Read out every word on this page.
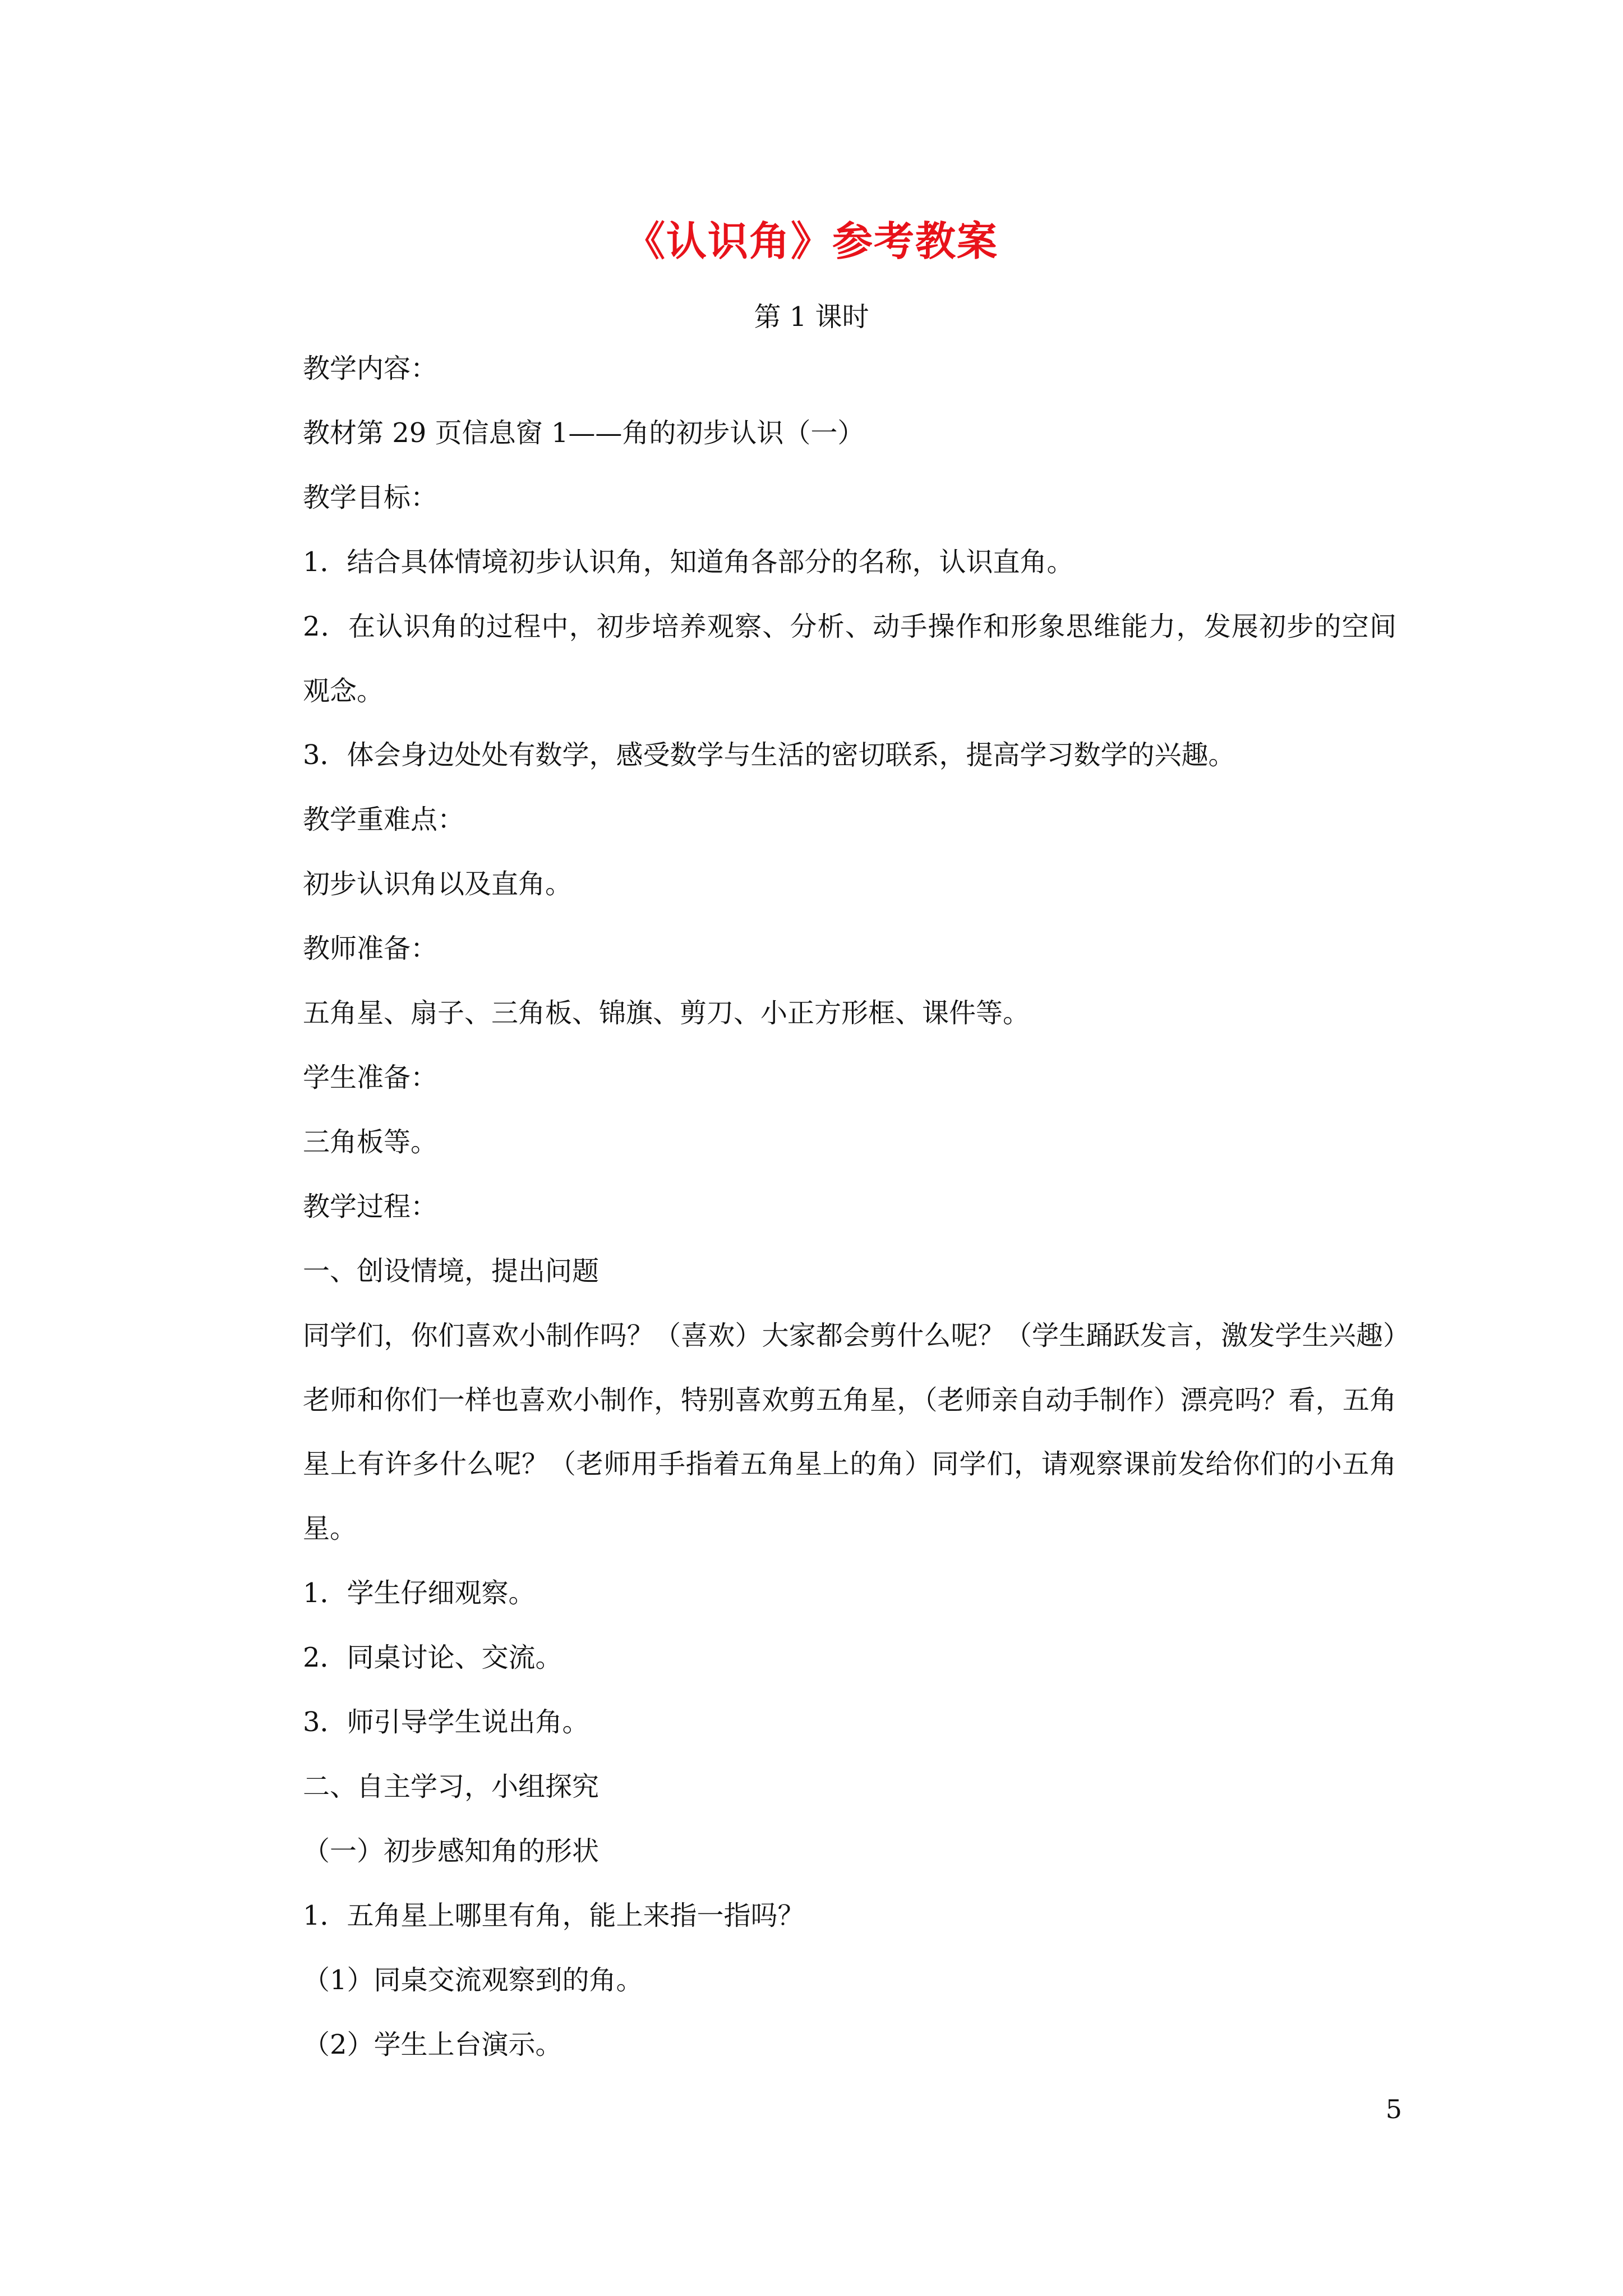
《认识角》参考教案
第 1 课时

教学内容：

教材第 29 页信息窗 1——角的初步认识（一）

教学目标：

1．结合具体情境初步认识角，知道角各部分的名称，认识直角。

2．在认识角的过程中，初步培养观察、分析、动手操作和形象思维能力，发展初步的空间观念。

3．体会身边处处有数学，感受数学与生活的密切联系，提高学习数学的兴趣。

教学重难点：

初步认识角以及直角。

教师准备：

五角星、扇子、三角板、锦旗、剪刀、小正方形框、课件等。

学生准备：

三角板等。

教学过程：

一、创设情境，提出问题

同学们，你们喜欢小制作吗？（喜欢）大家都会剪什么呢？（学生踊跃发言，激发学生兴趣）老师和你们一样也喜欢小制作，特别喜欢剪五角星，（老师亲自动手制作）漂亮吗？看，五角星上有许多什么呢？（老师用手指着五角星上的角）同学们，请观察课前发给你们的小五角星。

1．学生仔细观察。

2．同桌讨论、交流。

3．师引导学生说出角。

二、自主学习，小组探究

（一）初步感知角的形状

1．五角星上哪里有角，能上来指一指吗？

（1）同桌交流观察到的角。

（2）学生上台演示。

5
